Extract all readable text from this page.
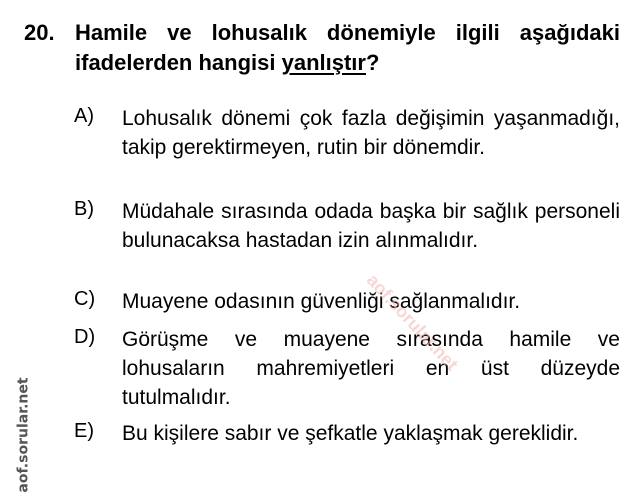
20. Hamile ve lohusalık dönemiyle ilgili aşağıdaki ifadelerden hangisi yanlıştır?
A) Lohusalık dönemi çok fazla değişimin yaşanmadığı, takip gerektirmeyen, rutin bir dönemdir.
B) Müdahale sırasında odada başka bir sağlık personeli bulunacaksa hastadan izin alınmalıdır.
C) Muayene odasının güvenliği sağlanmalıdır.
D) Görüşme ve muayene sırasında hamile ve lohusaların mahremiyetleri en üst düzeyde tutulmalıdır.
E) Bu kişilere sabır ve şefkatle yaklaşmak gereklidir.
aof.sorular.net
aof.sorular.net
